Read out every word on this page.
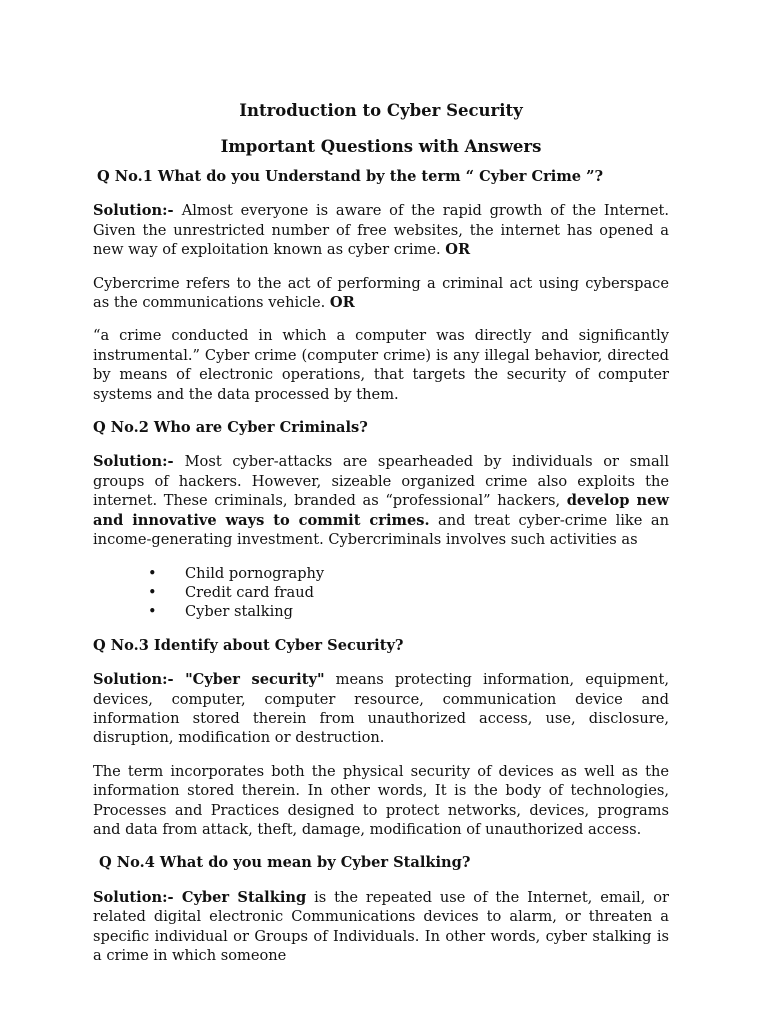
Introduction to Cyber Security
Important Questions with Answers

Q No.1 What do you Understand by the term “ Cyber Crime ”?

Solution:- Almost everyone is aware of the rapid growth of the Internet. Given the unrestricted number of free websites, the internet has opened a new way of exploitation known as cyber crime. OR

Cybercrime refers to the act of performing a criminal act using cyberspace as the communications vehicle. OR

“a crime conducted in which a computer was directly and significantly instrumental.” Cyber crime (computer crime) is any illegal behavior, directed by means of electronic operations, that targets the security of computer systems and the data processed by them.

Q No.2 Who are Cyber Criminals?

Solution:- Most cyber-attacks are spearheaded by individuals or small groups of hackers. However, sizeable organized crime also exploits the internet. These criminals, branded as “professional” hackers, develop new and innovative ways to commit crimes. and treat cyber-crime like an income-generating investment. Cybercriminals involves such activities as

• Child pornography
• Credit card fraud
• Cyber stalking

Q No.3 Identify about Cyber Security?

Solution:- "Cyber security" means protecting information, equipment, devices, computer, computer resource, communication device and information stored therein from unauthorized access, use, disclosure, disruption, modification or destruction.

The term incorporates both the physical security of devices as well as the information stored therein. In other words, It is the body of technologies, Processes and Practices designed to protect networks, devices, programs and data from attack, theft, damage, modification of unauthorized access.

Q No.4 What do you mean by Cyber Stalking?

Solution:- Cyber Stalking is the repeated use of the Internet, email, or related digital electronic Communications devices to alarm, or threaten a specific individual or Groups of Individuals. In other words, cyber stalking is a crime in which someone
